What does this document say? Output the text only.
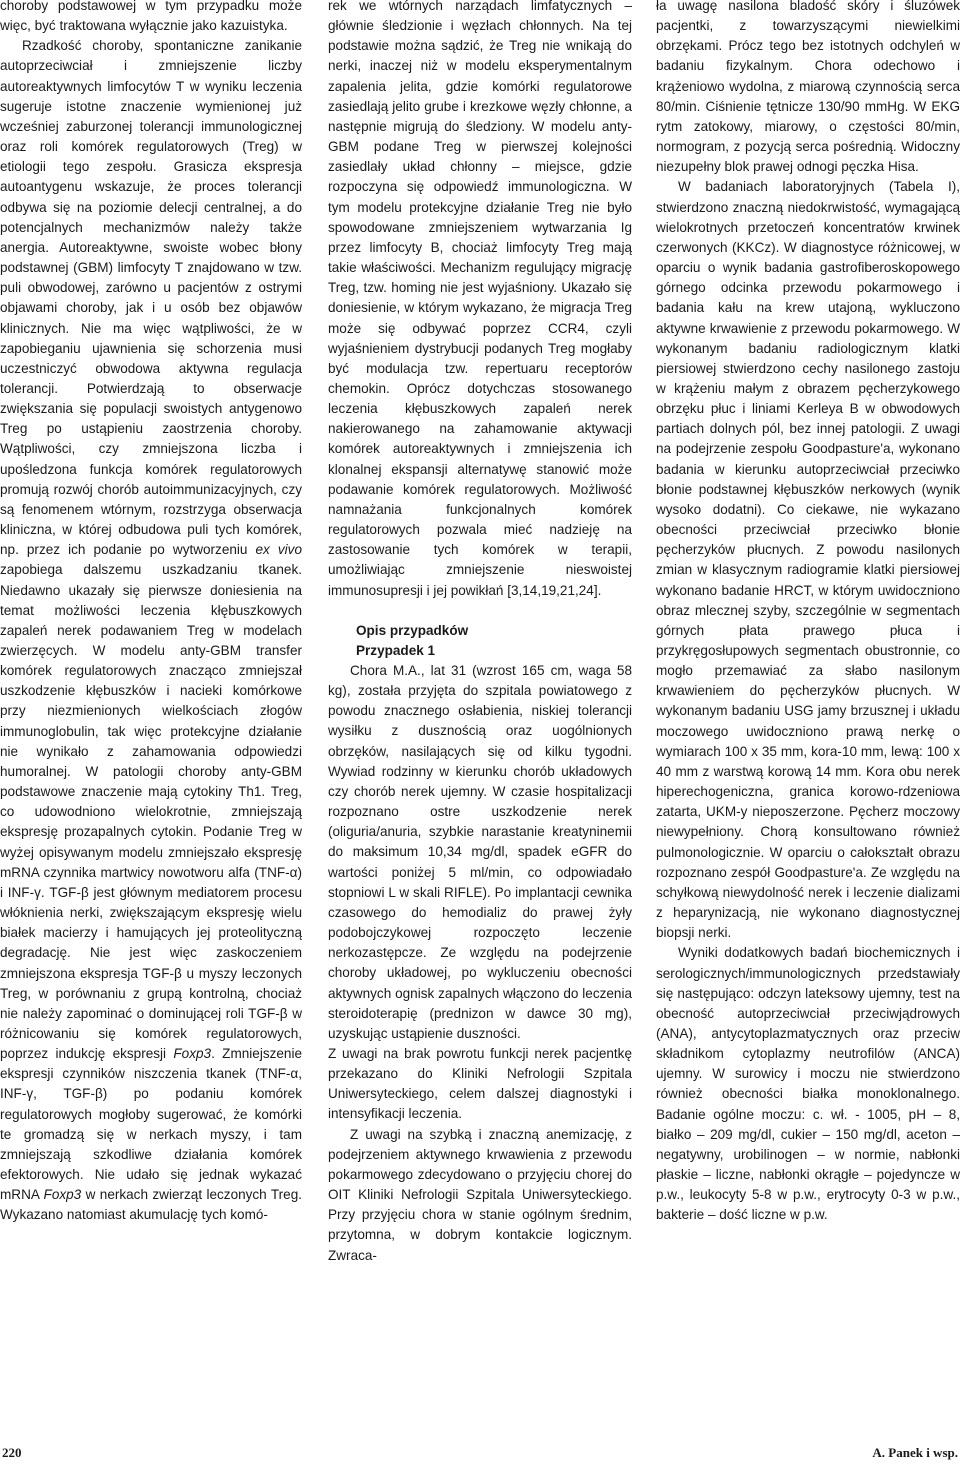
choroby podstawowej w tym przypadku może więc, być traktowana wyłącznie jako kazuistyka.

Rzadkość choroby, spontaniczne zanikanie autoprzeciwciał i zmniejszenie liczby autoreaktywnych limfocytów T w wyniku leczenia sugeruje istotne znaczenie wymienionej już wcześniej zaburzonej tolerancji immunologicznej oraz roli komórek regulatorowych (Treg) w etiologii tego zespołu. Grasicza ekspresja autoantygenu wskazuje, że proces tolerancji odbywa się na poziomie delecji centralnej, a do potencjalnych mechanizmów należy także anergia. Autoreaktywne, swoiste wobec błony podstawnej (GBM) limfocyty T znajdowano w tzw. puli obwodowej, zarówno u pacjentów z ostrymi objawami choroby, jak i u osób bez objawów klinicznych. Nie ma więc wątpliwości, że w zapobieganiu ujawnienia się schorzenia musi uczestniczyć obwodowa aktywna regulacja tolerancji. Potwierdzają to obserwacje zwiększania się populacji swoistych antygenowo Treg po ustąpieniu zaostrzenia choroby. Wątpliwości, czy zmniejszona liczba i upośledzona funkcja komórek regulatorowych promują rozwój chorób autoimmunizacyjnych, czy są fenomenem wtórnym, rozstrzyga obserwacja kliniczna, w której odbudowa puli tych komórek, np. przez ich podanie po wytworzeniu ex vivo zapobiega dalszemu uszkadzaniu tkanek. Niedawno ukazały się pierwsze doniesienia na temat możliwości leczenia kłębuszkowych zapaleń nerek podawaniem Treg w modelach zwierzęcych. W modelu anty-GBM transfer komórek regulatorowych znacząco zmniejszał uszkodzenie kłębuszków i nacieki komórkowe przy niezmienionych wielkościach złogów immunoglobulin, tak więc protekcyjne działanie nie wynikało z zahamowania odpowiedzi humoralnej. W patologii choroby anty-GBM podstawowe znaczenie mają cytokiny Th1. Treg, co udowodniono wielokrotnie, zmniejszają ekspresję prozapalnych cytokin. Podanie Treg w wyżej opisywanym modelu zmniejszało ekspresję mRNA czynnika martwicy nowotworu alfa (TNF-α) i INF-γ. TGF-β jest głównym mediatorem procesu włóknienia nerki, zwiększającym ekspresję wielu białek macierzy i hamujących jej proteolityczną degradację. Nie jest więc zaskoczeniem zmniejszona ekspresja TGF-β u myszy leczonych Treg, w porównaniu z grupą kontrolną, chociaż nie należy zapominać o dominującej roli TGF-β w różnicowaniu się komórek regulatorowych, poprzez indukcję ekspresji Foxp3. Zmniejszenie ekspresji czynników niszczenia tkanek (TNF-α, INF-γ, TGF-β) po podaniu komórek regulatorowych mogłoby sugerować, że komórki te gromadzą się w nerkach myszy, i tam zmniejszają szkodliwe działania komórek efektorowych. Nie udało się jednak wykazać mRNA Foxp3 w nerkach zwierząt leczonych Treg. Wykazano natomiast akumulację tych komó-

rek we wtórnych narządach limfatycznych – głównie śledzionie i węzłach chłonnych. Na tej podstawie można sądzić, że Treg nie wnikają do nerki, inaczej niż w modelu eksperymentalnym zapalenia jelita, gdzie komórki regulatorowe zasiedlają jelito grube i krezkowe węzły chłonne, a następnie migrują do śledziony. W modelu anty-GBM podane Treg w pierwszej kolejności zasiedlały układ chłonny – miejsce, gdzie rozpoczyna się odpowiedź immunologiczna. W tym modelu protekcyjne działanie Treg nie było spowodowane zmniejszeniem wytwarzania Ig przez limfocyty B, chociaż limfocyty Treg mają takie właściwości. Mechanizm regulujący migrację Treg, tzw. homing nie jest wyjaśniony. Ukazało się doniesienie, w którym wykazano, że migracja Treg może się odbywać poprzez CCR4, czyli wyjaśnieniem dystrybucji podanych Treg mogłaby być modulacja tzw. repertuaru receptorów chemokin. Oprócz dotychczas stosowanego leczenia kłębuszkowych zapaleń nerek nakierowanego na zahamowanie aktywacji komórek autoreaktywnych i zmniejszenia ich klonalnej ekspansji alternatywę stanowić może podawanie komórek regulatorowych. Możliwość namnażania funkcjonalnych komórek regulatorowych pozwala mieć nadzieję na zastosowanie tych komórek w terapii, umożliwiając zmniejszenie nieswoistej immunosupresji i jej powikłań [3,14,19,21,24].

Opis przypadków

Przypadek 1

Chora M.A., lat 31 (wzrost 165 cm, waga 58 kg), została przyjęta do szpitala powiatowego z powodu znacznego osłabienia, niskiej tolerancji wysiłku z dusznością oraz uogólnionych obrzęków, nasilających się od kilku tygodni. Wywiad rodzinny w kierunku chorób układowych czy chorób nerek ujemny. W czasie hospitalizacji rozpoznano ostre uszkodzenie nerek (oliguria/anuria, szybkie narastanie kreatyninemii do maksimum 10,34 mg/dl, spadek eGFR do wartości poniżej 5 ml/min, co odpowiadało stopniowi L w skali RIFLE). Po implantacji cewnika czasowego do hemodializ do prawej żyły podobojczykowej rozpoczęto leczenie nerkozastępcze. Ze względu na podejrzenie choroby układowej, po wykluczeniu obecności aktywnych ognisk zapalnych włączono do leczenia steroidoterapię (prednizon w dawce 30 mg), uzyskując ustąpienie duszności.

Z uwagi na brak powrotu funkcji nerek pacjentkę przekazano do Kliniki Nefrologii Szpitala Uniwersyteckiego, celem dalszej diagnostyki i intensyfikacji leczenia.

Z uwagi na szybką i znaczną anemizację, z podejrzeniem aktywnego krwawienia z przewodu pokarmowego zdecydowano o przyjęciu chorej do OIT Kliniki Nefrologii Szpitala Uniwersyteckiego. Przy przyjęciu chora w stanie ogólnym średnim, przytomna, w dobrym kontakcie logicznym. Zwraca-

ła uwagę nasilona bladość skóry i śluzówek pacjentki, z towarzyszącymi niewielkimi obrzękami. Prócz tego bez istotnych odchyleń w badaniu fizykalnym. Chora odechowo i krążeniowo wydolna, z miarową czynnością serca 80/min. Ciśnienie tętnicze 130/90 mmHg. W EKG rytm zatokowy, miarowy, o częstości 80/min, normogram, z pozycją serca pośrednią. Widoczny niezupełny blok prawej odnogi pęczka Hisa.

W badaniach laboratoryjnych (Tabela I), stwierdzono znaczną niedokrwistość, wymagającą wielokrotnych przetoczeń koncentratów krwinek czerwonych (KKCz). W diagnostyce różnicowej, w oparciu o wynik badania gastrofiberoskopowego górnego odcinka przewodu pokarmowego i badania kału na krew utajoną, wykluczono aktywne krwawienie z przewodu pokarmowego. W wykonanym badaniu radiologicznym klatki piersiowej stwierdzono cechy nasilonego zastoju w krążeniu małym z obrazem pęcherzykowego obrzęku płuc i liniami Kerleya B w obwodowych partiach dolnych pól, bez innej patologii. Z uwagi na podejrzenie zespołu Goodpasture'a, wykonano badania w kierunku autoprzeciwciał przeciwko błonie podstawnej kłębuszków nerkowych (wynik wysoko dodatni). Co ciekawe, nie wykazano obecności przeciwciał przeciwko błonie pęcherzyków płucnych. Z powodu nasilonych zmian w klasycznym radiogramie klatki piersiowej wykonano badanie HRCT, w którym uwidoczniono obraz mlecznej szyby, szczególnie w segmentach górnych płata prawego płuca i przykręgosłupowych segmentach obustronnie, co mogło przemawiać za słabo nasilonym krwawieniem do pęcherzyków płucnych. W wykonanym badaniu USG jamy brzusznej i układu moczowego uwidoczniono prawą nerkę o wymiarach 100 x 35 mm, kora-10 mm, lewą: 100 x 40 mm z warstwą korową 14 mm. Kora obu nerek hiperechogeniczna, granica korowo-rdzeniowa zatarta, UKM-y nieposzerzone. Pęcherz moczowy niewypełniony. Chorą konsultowano również pulmonologicznie. W oparciu o całokształt obrazu rozpoznano zespół Goodpasture'a. Ze względu na schyłkową niewydolność nerek i leczenie dializami z heparynizacją, nie wykonano diagnostycznej biopsji nerki.

Wyniki dodatkowych badań biochemicznych i serologicznych/immunologicznych przedstawiały się następująco: odczyn lateksowy ujemny, test na obecność autoprzeciwciał przeciwjądrowych (ANA), antycytoplazmatycznych oraz przeciw składnikom cytoplazmy neutrofilów (ANCA) ujemny. W surowicy i moczu nie stwierdzono również obecności białka monoklonalnego. Badanie ogólne moczu: c. wł. - 1005, pH – 8, białko – 209 mg/dl, cukier – 150 mg/dl, aceton – negatywny, urobilinogen – w normie, nabłonki płaskie – liczne, nabłonki okrągłe – pojedyncze w p.w., leukocyty 5-8 w p.w., erytrocyty 0-3 w p.w., bakterie – dość liczne w p.w.

220	A. Panek i wsp.
